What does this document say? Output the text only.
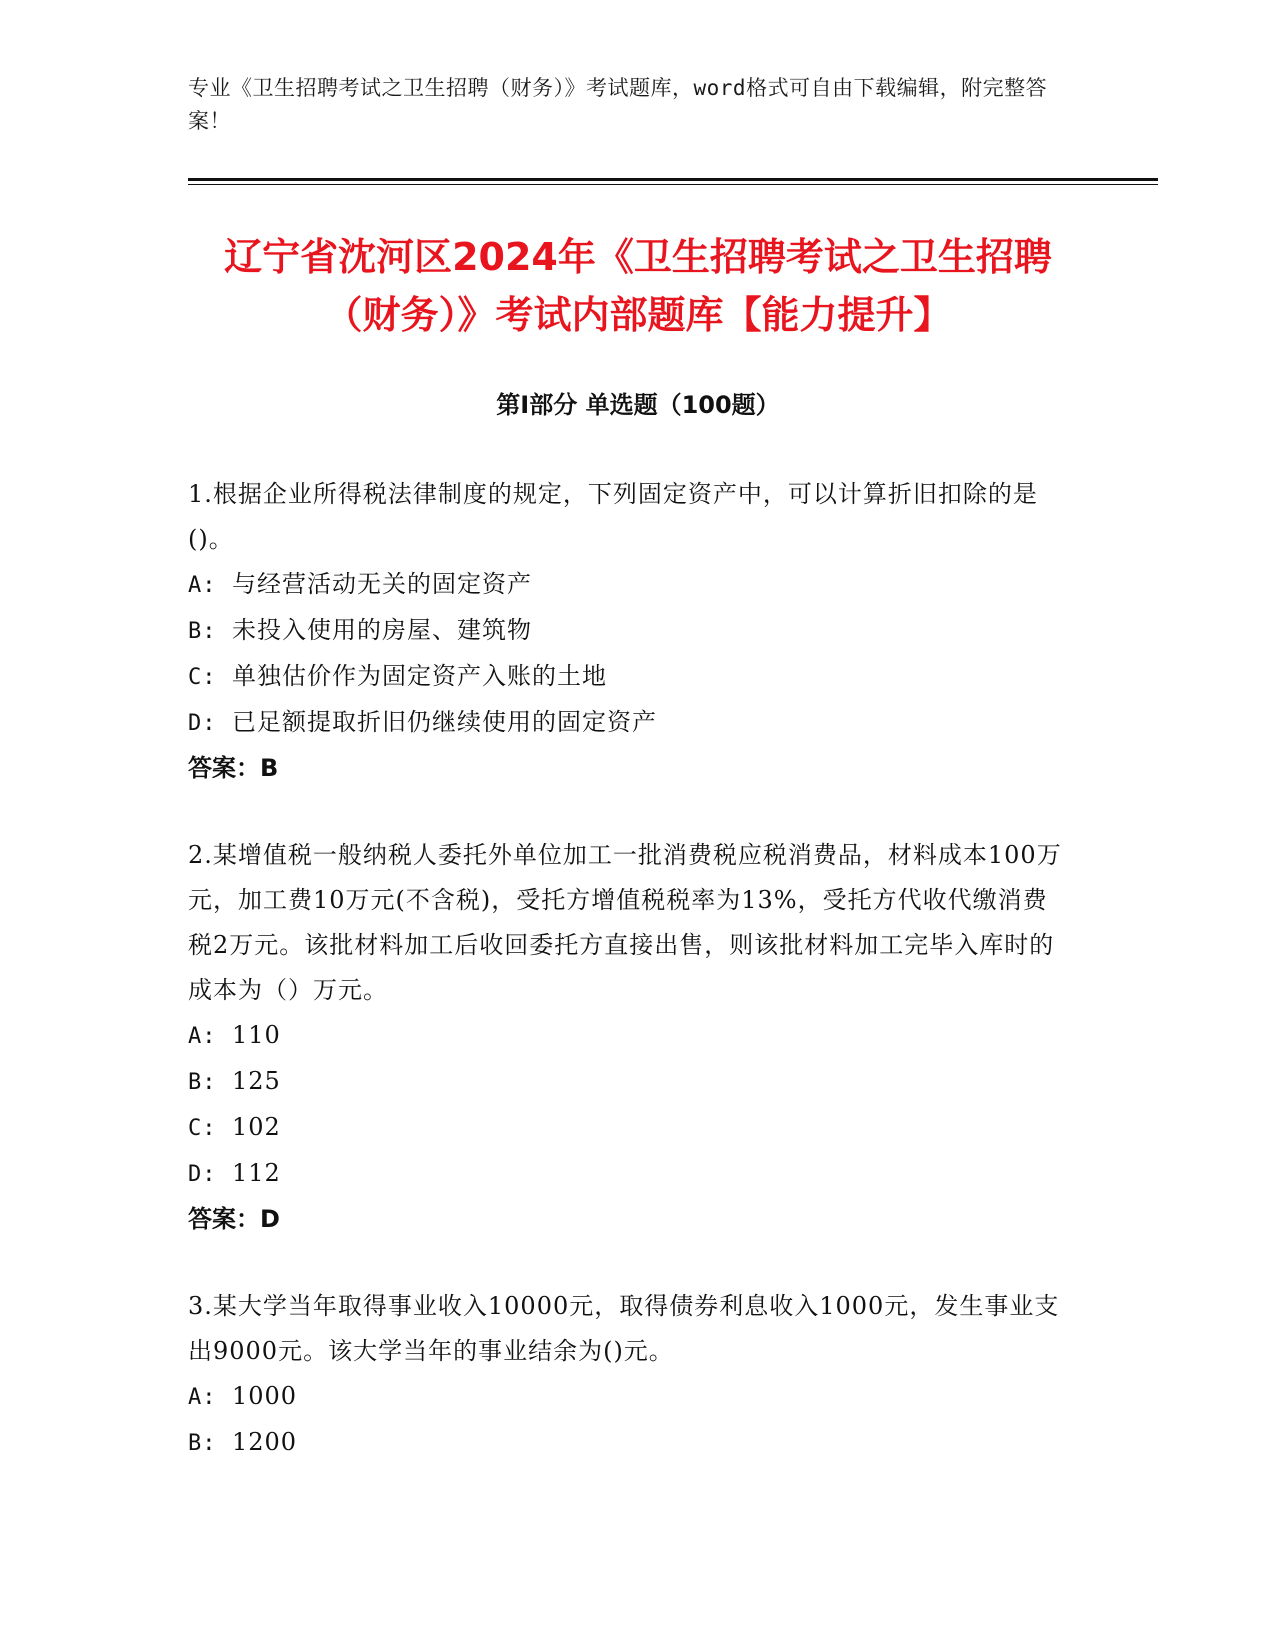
专业《卫生招聘考试之卫生招聘（财务）》考试题库，word格式可自由下载编辑，附完整答案！
辽宁省沈河区2024年《卫生招聘考试之卫生招聘（财务）》考试内部题库【能力提升】
第Ⅰ部分 单选题（100题）
1.根据企业所得税法律制度的规定，下列固定资产中，可以计算折旧扣除的是()。
A: 与经营活动无关的固定资产
B: 未投入使用的房屋、建筑物
C: 单独估价作为固定资产入账的土地
D: 已足额提取折旧仍继续使用的固定资产
答案：B
2.某增值税一般纳税人委托外单位加工一批消费税应税消费品，材料成本100万元，加工费10万元(不含税)，受托方增值税税率为13%，受托方代收代缴消费税2万元。该批材料加工后收回委托方直接出售，则该批材料加工完毕入库时的成本为（）万元。
A: 110
B: 125
C: 102
D: 112
答案：D
3.某大学当年取得事业收入10000元，取得债券利息收入1000元，发生事业支出9000元。该大学当年的事业结余为()元。
A: 1000
B: 1200
